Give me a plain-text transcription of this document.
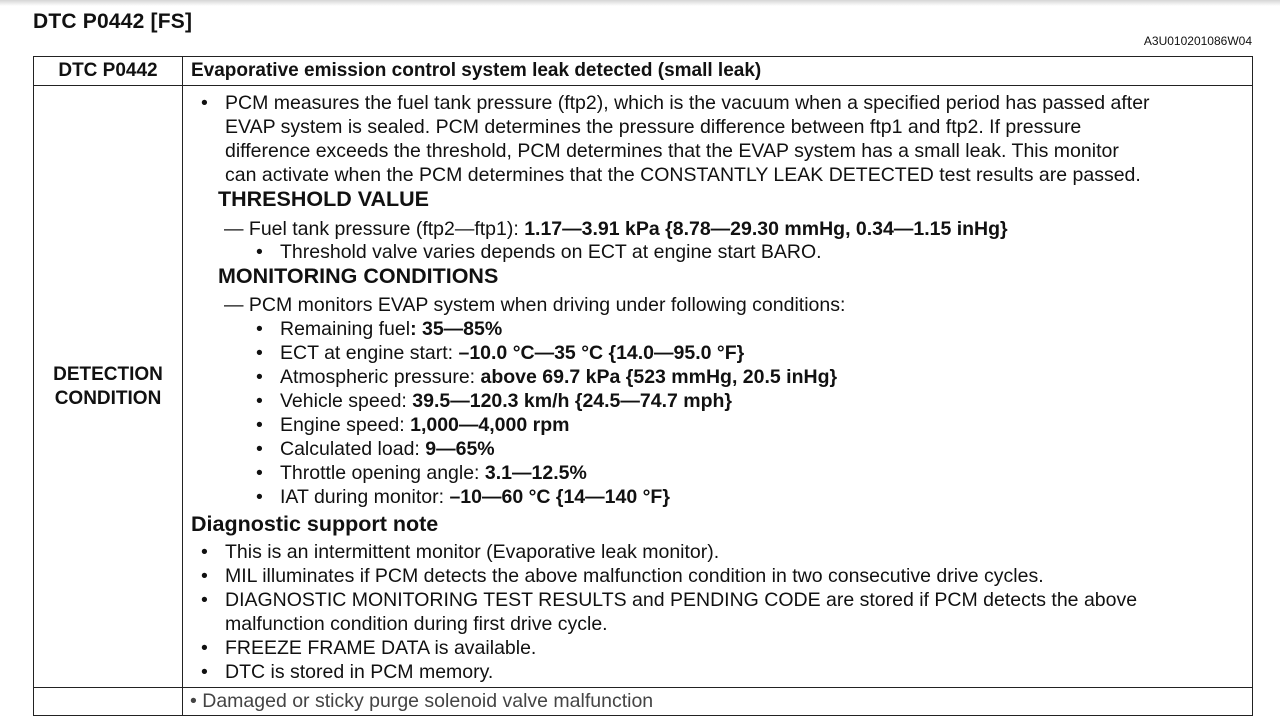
DTC P0442 [FS]
A3U010201086W04
DTC P0442	Evaporative emission control system leak detected (small leak)
DETECTION
CONDITION
• PCM measures the fuel tank pressure (ftp2), which is the vacuum when a specified period has passed after
EVAP system is sealed. PCM determines the pressure difference between ftp1 and ftp2. If pressure
difference exceeds the threshold, PCM determines that the EVAP system has a small leak. This monitor
can activate when the PCM determines that the CONSTANTLY LEAK DETECTED test results are passed.
THRESHOLD VALUE
— Fuel tank pressure (ftp2—ftp1): 1.17—3.91 kPa {8.78—29.30 mmHg, 0.34—1.15 inHg}
• Threshold valve varies depends on ECT at engine start BARO.
MONITORING CONDITIONS
— PCM monitors EVAP system when driving under following conditions:
• Remaining fuel: 35—85%
• ECT at engine start: –10.0 °C—35 °C {14.0—95.0 °F}
• Atmospheric pressure: above 69.7 kPa {523 mmHg, 20.5 inHg}
• Vehicle speed: 39.5—120.3 km/h {24.5—74.7 mph}
• Engine speed: 1,000—4,000 rpm
• Calculated load: 9—65%
• Throttle opening angle: 3.1—12.5%
• IAT during monitor: –10—60 °C {14—140 °F}
Diagnostic support note
• This is an intermittent monitor (Evaporative leak monitor).
• MIL illuminates if PCM detects the above malfunction condition in two consecutive drive cycles.
• DIAGNOSTIC MONITORING TEST RESULTS and PENDING CODE are stored if PCM detects the above
malfunction condition during first drive cycle.
• FREEZE FRAME DATA is available.
• DTC is stored in PCM memory.
• Damaged or sticky purge solenoid valve malfunction
